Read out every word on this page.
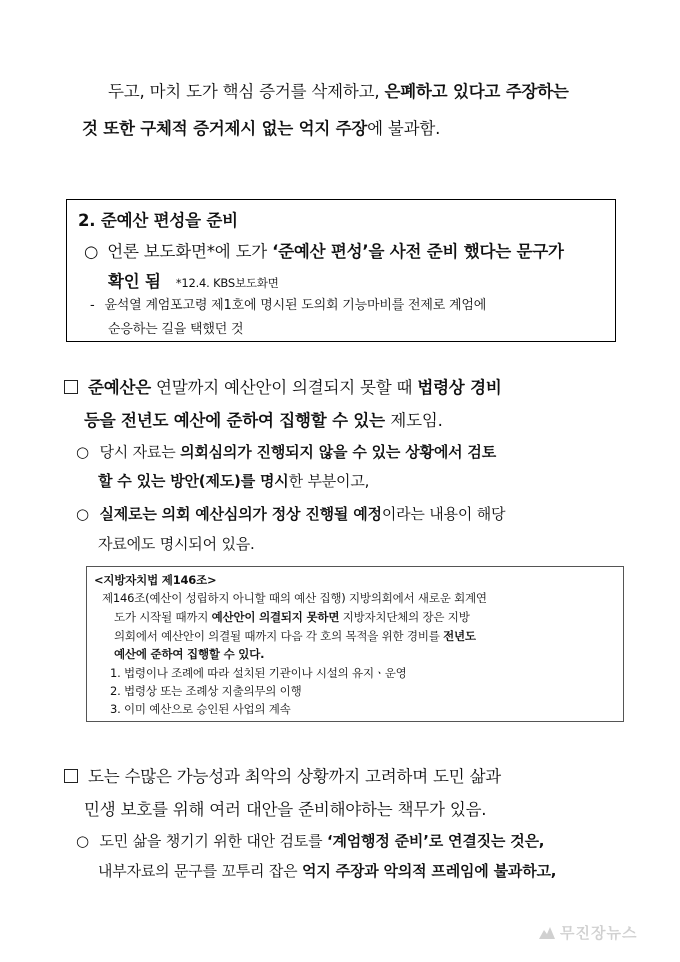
두고, 마치 도가 핵심 증거를 삭제하고, 은폐하고 있다고 주장하는
것 또한 구체적 증거제시 없는 억지 주장에 불과함.
2. 준예산 편성을 준비
○ 언론 보도화면*에 도가 ‘준예산 편성’을 사전 준비 했다는 문구가
확인 됨 *12.4. KBS보도화면
- 윤석열 계엄포고령 제1호에 명시된 도의회 기능마비를 전제로 계엄에
순응하는 길을 택했던 것
준예산은 연말까지 예산안이 의결되지 못할 때 법령상 경비
등을 전년도 예산에 준하여 집행할 수 있는 제도임.
○ 당시 자료는 의회심의가 진행되지 않을 수 있는 상황에서 검토
할 수 있는 방안(제도)를 명시한 부분이고,
○ 실제로는 의회 예산심의가 정상 진행될 예정이라는 내용이 해당
자료에도 명시되어 있음.
<지방자치법 제146조>
제146조(예산이 성립하지 아니할 때의 예산 집행) 지방의회에서 새로운 회계연
도가 시작될 때까지 예산안이 의결되지 못하면 지방자치단체의 장은 지방
의회에서 예산안이 의결될 때까지 다음 각 호의 목적을 위한 경비를 전년도
예산에 준하여 집행할 수 있다.
1. 법령이나 조례에 따라 설치된 기관이나 시설의 유지ㆍ운영
2. 법령상 또는 조례상 지출의무의 이행
3. 이미 예산으로 승인된 사업의 계속
도는 수많은 가능성과 최악의 상황까지 고려하며 도민 삶과
민생 보호를 위해 여러 대안을 준비해야하는 책무가 있음.
○ 도민 삶을 챙기기 위한 대안 검토를 ‘계엄행정 준비’로 연결짓는 것은,
내부자료의 문구를 꼬투리 잡은 억지 주장과 악의적 프레임에 불과하고,
무진장뉴스
